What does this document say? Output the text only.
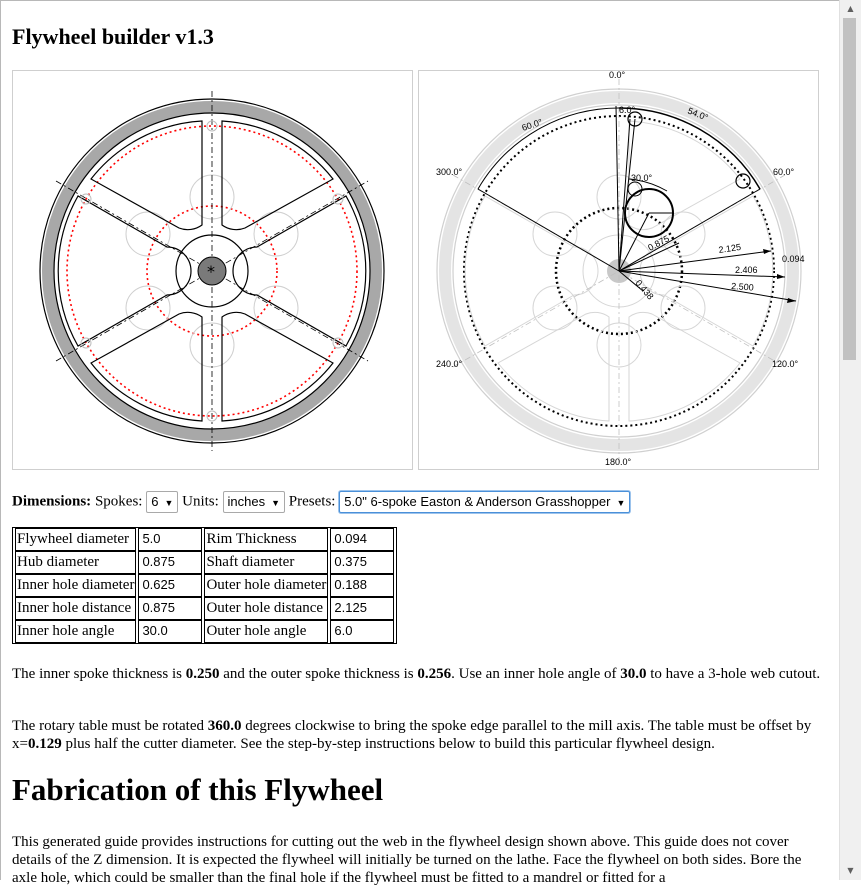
▲
▼
Flywheel builder v1.3
*
0.0°
300.0°	60.0°
240.0°	120.0°
180.0°
60.0°
54.0°
6.0°
30.0°
2.125
2.406
2.500
0.094
0.875
0.438
Dimensions: Spokes: 6 ▼ Units: inches ▼ Presets: 5.0" 6-spoke Easton & Anderson Grasshopper ▼
Flywheel diameter	5.0	Rim Thickness	0.094
Hub diameter	0.875	Shaft diameter	0.375
Inner hole diameter	0.625	Outer hole diameter	0.188
Inner hole distance	0.875	Outer hole distance	2.125
Inner hole angle	30.0	Outer hole angle	6.0

The inner spoke thickness is 0.250 and the outer spoke thickness is 0.256. Use an inner hole angle of 30.0 to have a 3-hole web cutout.

The rotary table must be rotated 360.0 degrees clockwise to bring the spoke edge parallel to the mill axis. The table must be offset by x=0.129 plus half the cutter diameter. See the step-by-step instructions below to build this particular flywheel design.

Fabrication of this Flywheel

This generated guide provides instructions for cutting out the web in the flywheel design shown above. This guide does not cover details of the Z dimension. It is expected the flywheel will initially be turned on the lathe. Face the flywheel on both sides. Bore the axle hole, which could be smaller than the final hole if the flywheel must be fitted to a mandrel or fitted for a
